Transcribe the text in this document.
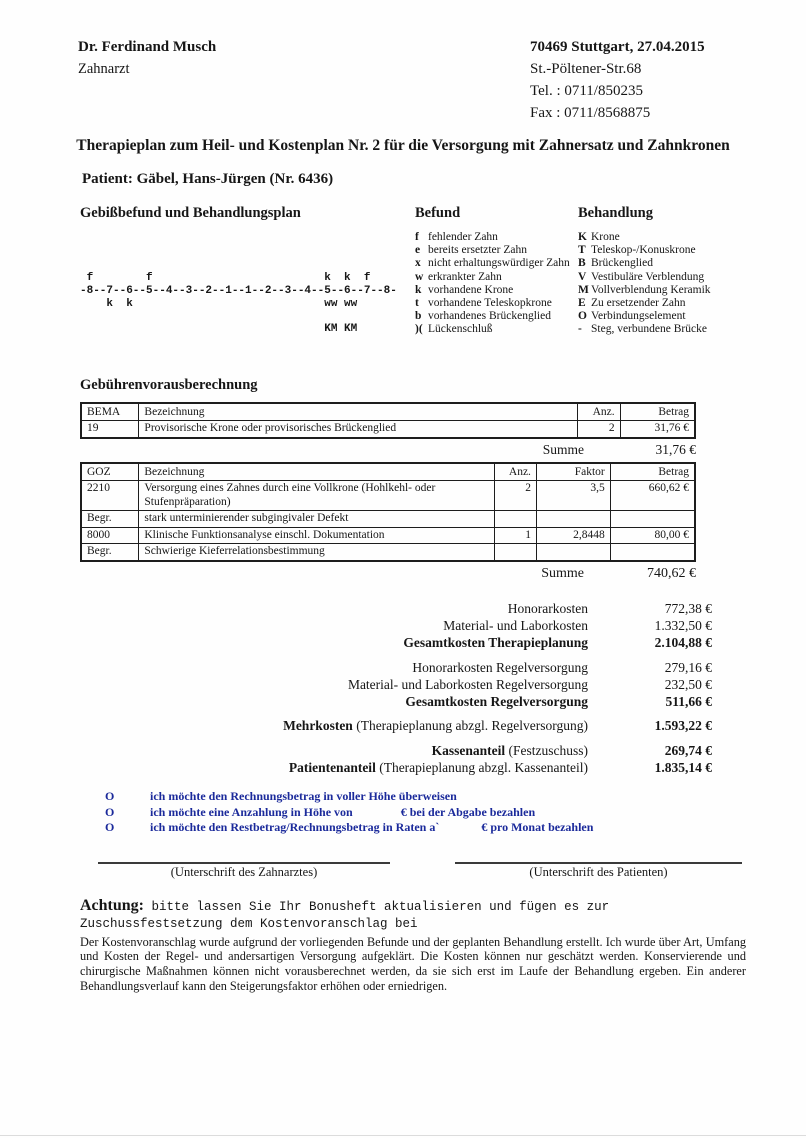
Dr. Ferdinand Musch
Zahnarzt
70469 Stuttgart, 27.04.2015
St.-Pöltener-Str.68
Tel. : 0711/850235
Fax : 0711/8568875
Therapieplan zum Heil- und Kostenplan Nr. 2 für die Versorgung mit Zahnersatz und Zahnkronen
Patient: Gäbel, Hans-Jürgen (Nr. 6436)
Gebißbefund und Behandlungsplan
f        f                          k  k  f
-8--7--6--5--4--3--2--1--1--2--3--4--5--6--7--8-
k  k                             ww ww
KM KM
Befund
f fehlender Zahn
e bereits ersetzter Zahn
x nicht erhaltungswürdiger Zahn
w erkrankter Zahn
k vorhandene Krone
t vorhandene Teleskopkrone
b vorhandenes Brückenglied
)( Lückenschluß
Behandlung
K Krone
T Teleskop-/Konuskrone
B Brückenglied
V Vestibuläre Verblendung
M Vollverblendung Keramik
E Zu ersetzender Zahn
O Verbindungselement
- Steg, verbundene Brücke
Gebührenvorausberechnung
BEMA	Bezeichnung	Anz.	Betrag
19	Provisorische Krone oder provisorisches Brückenglied	2	31,76 €
Summe	31,76 €
GOZ	Bezeichnung	Anz.	Faktor	Betrag
2210	Versorgung eines Zahnes durch eine Vollkrone (Hohlkehl- oder Stufenpräparation)	2	3,5	660,62 €
Begr.	stark unterminierender subgingivaler Defekt			
8000	Klinische Funktionsanalyse einschl. Dokumentation	1	2,8448	80,00 €
Begr.	Schwierige Kieferrelationsbestimmung			
Summe	740,62 €
Honorarkosten	772,38 €
Material- und Laborkosten	1.332,50 €
Gesamtkosten Therapieplanung	2.104,88 €
Honorarkosten Regelversorgung	279,16 €
Material- und Laborkosten Regelversorgung	232,50 €
Gesamtkosten Regelversorgung	511,66 €
Mehrkosten (Therapieplanung abzgl. Regelversorgung)	1.593,22 €
Kassenanteil (Festzuschuss)	269,74 €
Patientenanteil (Therapieplanung abzgl. Kassenanteil)	1.835,14 €
O	ich möchte den Rechnungsbetrag in voller Höhe überweisen
O	ich möchte eine Anzahlung in Höhe von                € bei der Abgabe bezahlen
O	ich möchte den Restbetrag/Rechnungsbetrag in Raten a`              € pro Monat bezahlen
(Unterschrift des Zahnarztes)	(Unterschrift des Patienten)
Achtung: bitte lassen Sie Ihr Bonusheft aktualisieren und fügen es zur Zuschussfestsetzung dem Kostenvoranschlag bei
Der Kostenvoranschlag wurde aufgrund der vorliegenden Befunde und der geplanten Behandlung erstellt. Ich wurde über Art, Umfang und Kosten der Regel- und andersartigen Versorgung aufgeklärt. Die Kosten können nur geschätzt werden. Konservierende und chirurgische Maßnahmen können nicht vorausberechnet werden, da sie sich erst im Laufe der Behandlung ergeben. Ein anderer Behandlungsverlauf kann den Steigerungsfaktor erhöhen oder erniedrigen.
